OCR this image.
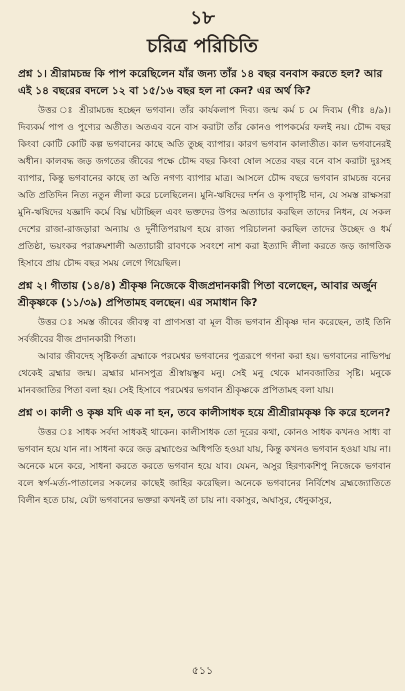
১৮
চরিত্র পরিচিতি

প্রশ্ন ১। শ্রীরামচন্দ্র কি পাপ করেছিলেন যাঁর জন্য তাঁর ১৪ বছর বনবাস করতে হল? আর এই ১৪ বছরের বদলে ১২ বা ১৫/১৬ বছর হল না কেন? এর অর্থ কি?

উত্তর ঃ শ্রীরামচন্দ্র হচ্ছেন ভগবান। তাঁর কার্যকলাপ দিব্য। জন্ম কর্ম চ মে দিব্যম (গীঃ ৪/৯)। দিব্যকর্ম পাপ ও পুণ্যের অতীত। অতএব বনে বাস করাটা তাঁর কোনও পাপকর্মের ফলই নয়। চৌদ্দ বছর কিংবা কোটি কোটি কল্প ভগবানের কাছে অতি তুচ্ছ ব্যাপার। কারণ ভগবান কালাতীত। কাল ভগবানেরই অধীন। কালবদ্ধ জড় জগতের জীবের পক্ষে চৌদ্দ বছর কিংবা ষোল সতের বছর বনে বাস করাটা দুঃসহ ব্যাপার, কিন্তু ভগবানের কাছে তা অতি নগণ্য ব্যাপার মাত্র। আসলে চৌদ্দ বছরে ভগবান রামচন্দ্র বনের অতি প্রতিদিন নিত্য নতুন লীলা করে চলেছিলেন। মুনি-ঋষিদের দর্শন ও কৃপাদৃষ্টি দান, যে সমস্ত রাক্ষসরা মুনি-ঋষিদের যজ্ঞাদি কর্মে বিঘ্ন ঘটাচ্ছিল এবং ভক্তদের উপর অত্যাচার করছিল তাদের নিধন, যে সকল দেশের রাজা-রাজড়ারা অন্যায় ও দুর্নীতিপরায়ণ হয়ে রাজ্য পরিচালনা করছিল তাদের উচ্ছেদ ও ধর্ম প্রতিষ্ঠা, ভয়ংকর পরাক্রমশালী অত্যাচারী রাবণকে সবংশে নাশ করা ইত্যাদি লীলা করতে জড় জাগতিক হিসাবে প্রায় চৌদ্দ বছর সময় লেগে গিয়েছিল।

প্রশ্ন ২। গীতায় (১৪/৪) শ্রীকৃষ্ণ নিজেকে বীজপ্রদানকারী পিতা বলেছেন, আবার অর্জুন শ্রীকৃষ্ণকে (১১/৩৯) প্রপিতামহ বলছেন। এর সমাধান কি?

উত্তর ঃ সমস্ত জীবের জীবত্ব বা প্রাণসত্তা বা মূল বীজ ভগবান শ্রীকৃষ্ণ দান করেছেন, তাই তিনি সর্বজীবের বীজ প্রদানকারী পিতা।

আবার জীবদেহ সৃষ্টিকর্তা ব্রহ্মাকে পরমেশ্বর ভগবানের পুত্ররূপে গণনা করা হয়। ভগবানের নাভিপদ্ম থেকেই ব্রহ্মার জন্ম। ব্রহ্মার মানসপুত্র শ্রীস্বায়ম্ভুব মনু। সেই মনু থেকে মানবজাতির সৃষ্টি। মনুকে মানবজাতির পিতা বলা হয়। সেই হিসাবে পরমেশ্বর ভগবান শ্রীকৃষ্ণকে প্রপিতামহ বলা যায়।

প্রশ্ন ৩। কালী ও কৃষ্ণ যদি এক না হন, তবে কালীসাধক হয়ে শ্রীশ্রীরামকৃষ্ণ কি করে হলেন?

উত্তর ঃ সাধক সর্বদা সাধকই থাকেন। কালীসাধক তো দূরের কথা, কোনও সাধক কখনও সাধ্য বা ভগবান হয়ে যান না। সাধনা করে জড় ব্রহ্মাণ্ডের অধিপতি হওয়া যায়, কিন্তু কখনও ভগবান হওয়া যায় না। অনেকে মনে করে, সাধনা করতে করতে ভগবান হয়ে যাব। যেমন, অসুর হিরণ্যকশিপু নিজেকে ভগবান বলে স্বর্গ-মর্ত্য-পাতালের সকলের কাছেই জাহির করেছিল। অনেকে ভগবানের নির্বিশেষ ব্রহ্মজ্যোতিতে বিলীন হতে চায়, যেটা ভগবানের ভক্তরা কখনই তা চায় না। বকাসুর, অঘাসুর, ধেনুকাসুর,

৫১১
